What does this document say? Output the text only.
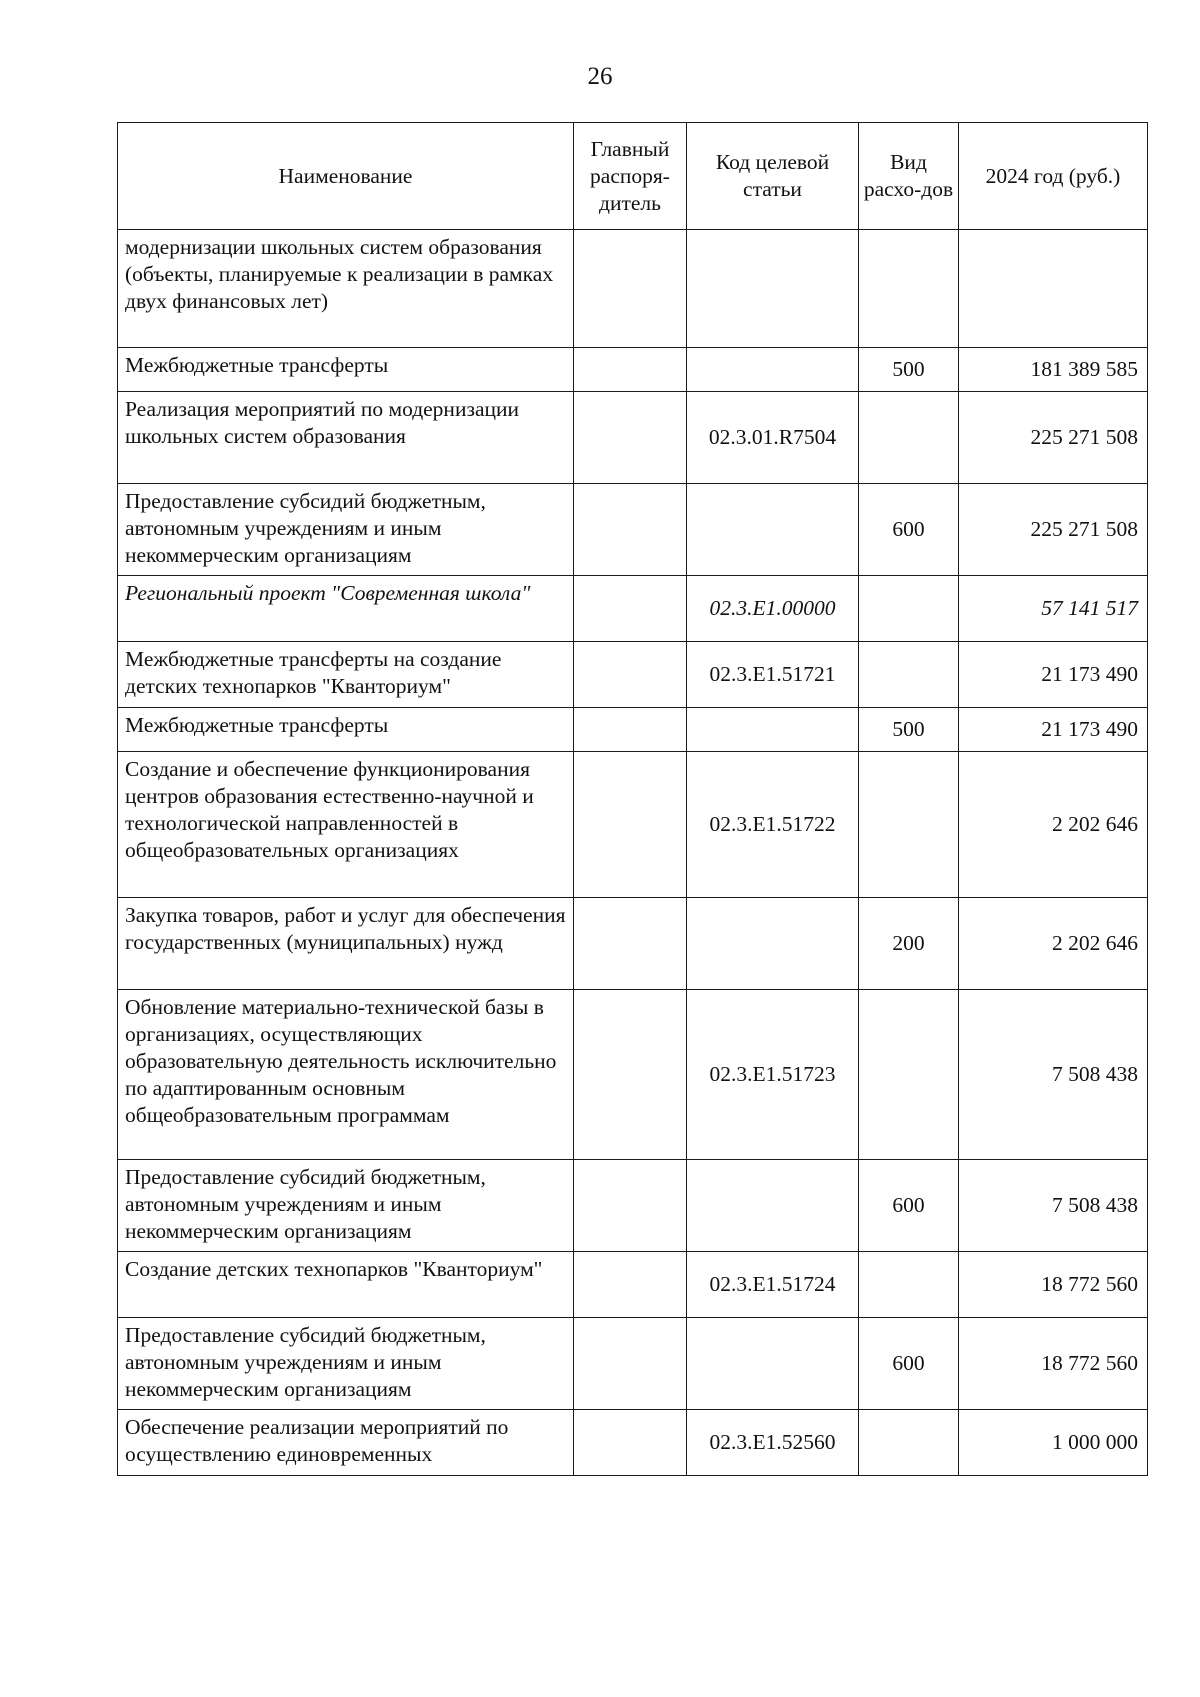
26
Наименование	Главный распоря-дитель	Код целевой статьи	Вид расхо-дов	2024 год (руб.)
модернизации школьных систем образования (объекты, планируемые к реализации в рамках двух финансовых лет)				
Межбюджетные трансферты			500	181 389 585
Реализация мероприятий по модернизации школьных систем образования		02.3.01.R7504		225 271 508
Предоставление субсидий бюджетным, автономным учреждениям и иным некоммерческим организациям			600	225 271 508
Региональный проект "Современная школа"		02.3.E1.00000		57 141 517
Межбюджетные трансферты на создание детских технопарков "Кванториум"		02.3.E1.51721		21 173 490
Межбюджетные трансферты			500	21 173 490
Создание и обеспечение функционирования центров образования естественно-научной и технологической направленностей в общеобразовательных организациях		02.3.E1.51722		2 202 646
Закупка товаров, работ и услуг для обеспечения государственных (муниципальных) нужд			200	2 202 646
Обновление материально-технической базы в организациях, осуществляющих образовательную деятельность исключительно по адаптированным основным общеобразовательным программам		02.3.E1.51723		7 508 438
Предоставление субсидий бюджетным, автономным учреждениям и иным некоммерческим организациям			600	7 508 438
Создание детских технопарков "Кванториум"		02.3.E1.51724		18 772 560
Предоставление субсидий бюджетным, автономным учреждениям и иным некоммерческим организациям			600	18 772 560
Обеспечение реализации мероприятий по осуществлению единовременных		02.3.E1.52560		1 000 000
